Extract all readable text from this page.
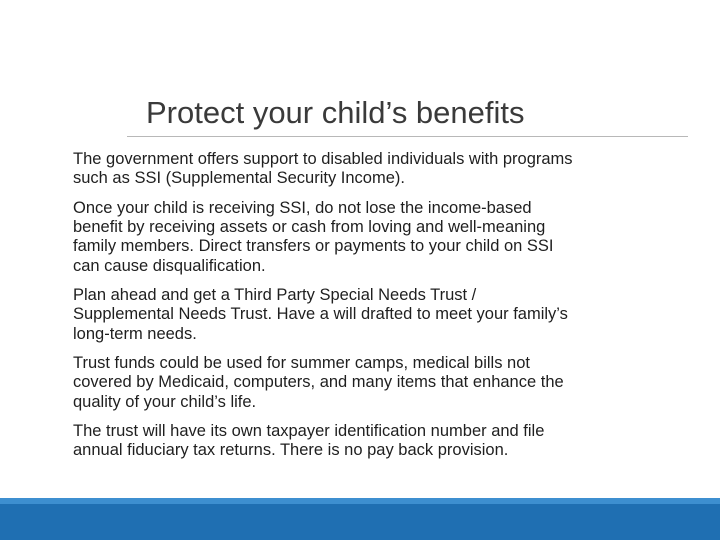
Protect your child’s benefits

The government offers support to disabled individuals with programs
such as SSI (Supplemental Security Income).

Once your child is receiving SSI, do not lose the income-based
benefit by receiving assets or cash from loving and well-meaning
family members. Direct transfers or payments to your child on SSI
can cause disqualification.

Plan ahead and get a Third Party Special Needs Trust /
Supplemental Needs Trust. Have a will drafted to meet your family’s
long-term needs.

Trust funds could be used for summer camps, medical bills not
covered by Medicaid, computers, and many items that enhance the
quality of your child’s life.

The trust will have its own taxpayer identification number and file
annual fiduciary tax returns. There is no pay back provision.
